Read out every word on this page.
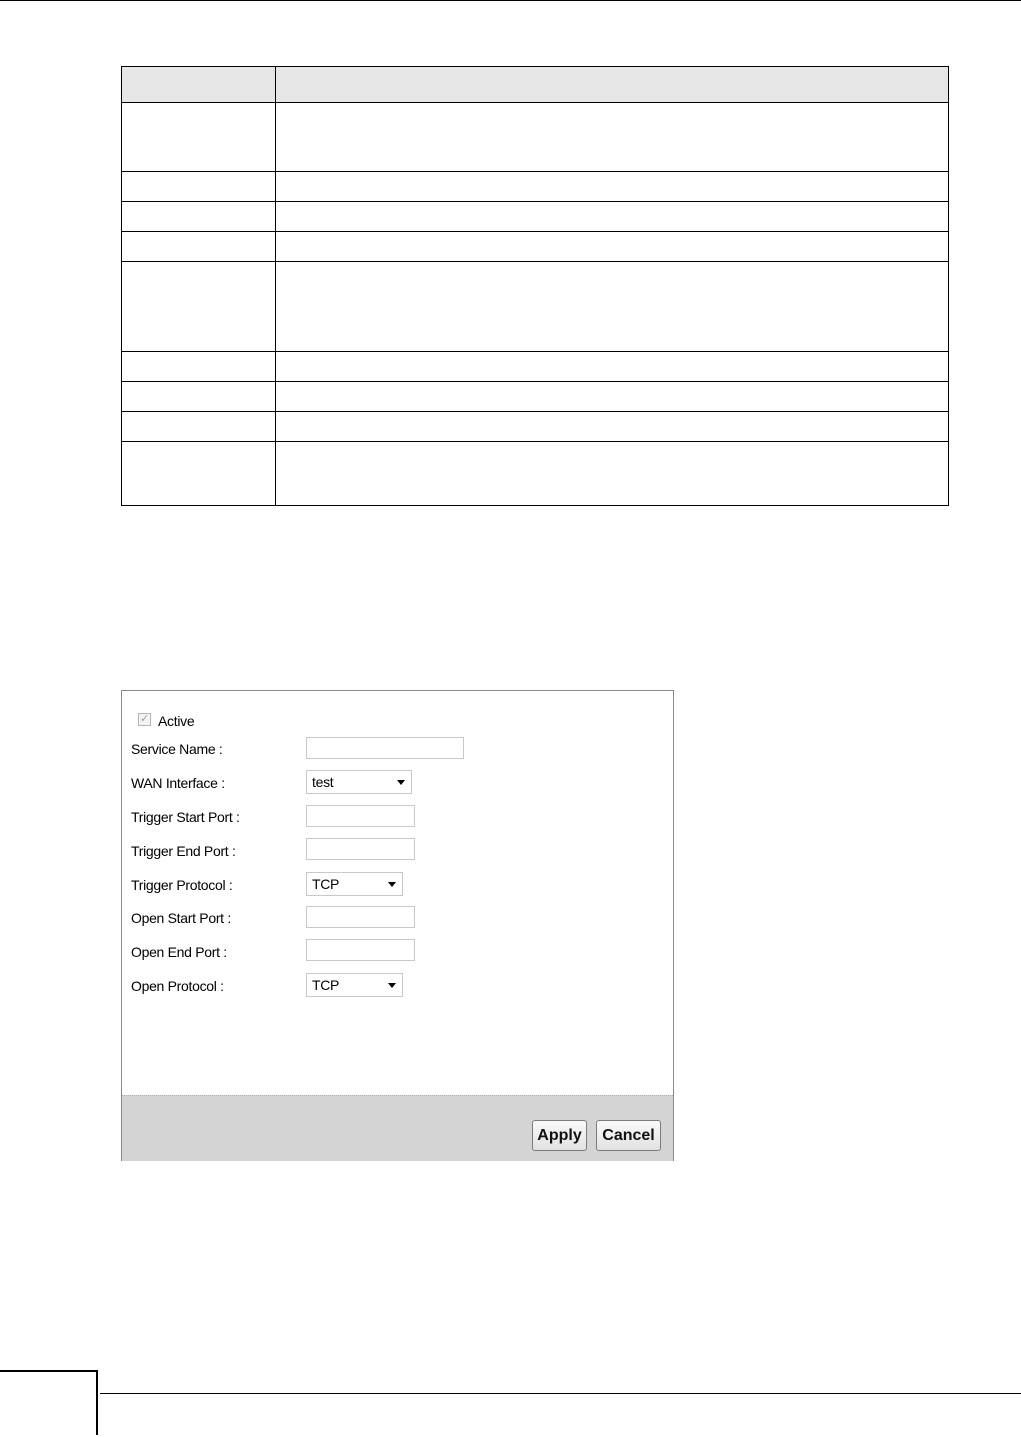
✓ Active
Service Name :
WAN Interface :	test
Trigger Start Port :
Trigger End Port :
Trigger Protocol :	TCP
Open Start Port :
Open End Port :
Open Protocol :	TCP
Apply	Cancel
